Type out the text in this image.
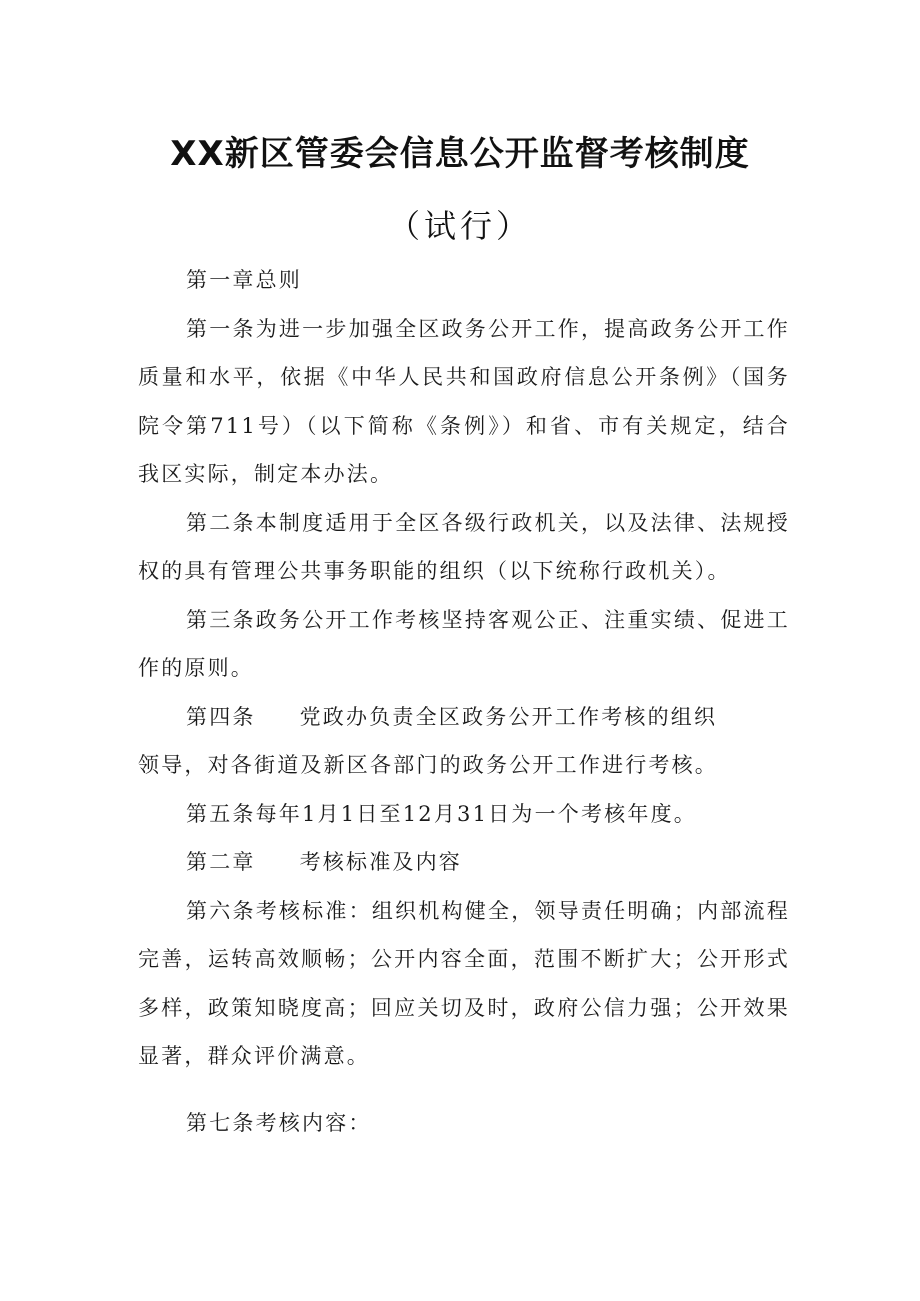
XX新区管委会信息公开监督考核制度
（试行）

第一章总则

第一条为进一步加强全区政务公开工作，提高政务公开工作质量和水平，依据《中华人民共和国政府信息公开条例》（国务院令第711号）（以下简称《条例》）和省、市有关规定，结合我区实际，制定本办法。

第二条本制度适用于全区各级行政机关，以及法律、法规授权的具有管理公共事务职能的组织（以下统称行政机关）。

第三条政务公开工作考核坚持客观公正、注重实绩、促进工作的原则。

第四条 党政办负责全区政务公开工作考核的组织

领导，对各街道及新区各部门的政务公开工作进行考核。

第五条每年1月1日至12月31日为一个考核年度。

第二章 考核标准及内容

第六条考核标准：组织机构健全，领导责任明确；内部流程完善，运转高效顺畅；公开内容全面，范围不断扩大；公开形式多样，政策知晓度高；回应关切及时，政府公信力强；公开效果显著，群众评价满意。

第七条考核内容：
